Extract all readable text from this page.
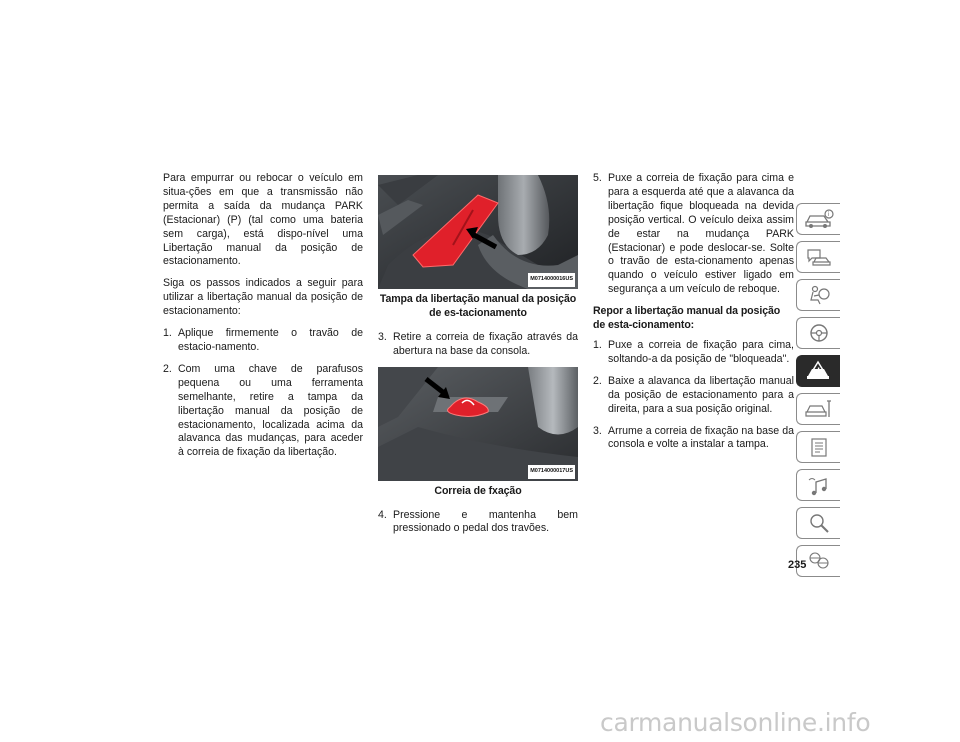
Para empurrar ou rebocar o veículo em situa-ções em que a transmissão não permita a saída da mudança PARK (Estacionar) (P) (tal como uma bateria sem carga), está dispo-nível uma Libertação manual da posição de estacionamento.

Siga os passos indicados a seguir para utilizar a libertação manual da posição de estacionamento:

1. Aplique firmemente o travão de estacio-namento.
2. Com uma chave de parafusos pequena ou uma ferramenta semelhante, retire a tampa da libertação manual da posição de estacionamento, localizada acima da alavanca das mudanças, para aceder à correia de fixação da libertação.
M0714000016US
Tampa da libertação manual da posição de es-tacionamento
3. Retire a correia de fixação através da abertura na base da consola.
M0714000017US
Correia de fxação
4. Pressione e mantenha bem pressionado o pedal dos travões.
5. Puxe a correia de fixação para cima e para a esquerda até que a alavanca da libertação fique bloqueada na devida posição vertical. O veículo deixa assim de estar na mudança PARK (Estacionar) e pode deslocar-se. Solte o travão de esta-cionamento apenas quando o veículo estiver ligado em segurança a um veículo de reboque.
Repor a libertação manual da posição de esta-cionamento:
1. Puxe a correia de fixação para cima, soltando-a da posição de "bloqueada".
2. Baixe a alavanca da libertação manual da posição de estacionamento para a direita, para a sua posição original.
3. Arrume a correia de fixação na base da consola e volte a instalar a tampa.
i
!
235
carmanualsonline.info
